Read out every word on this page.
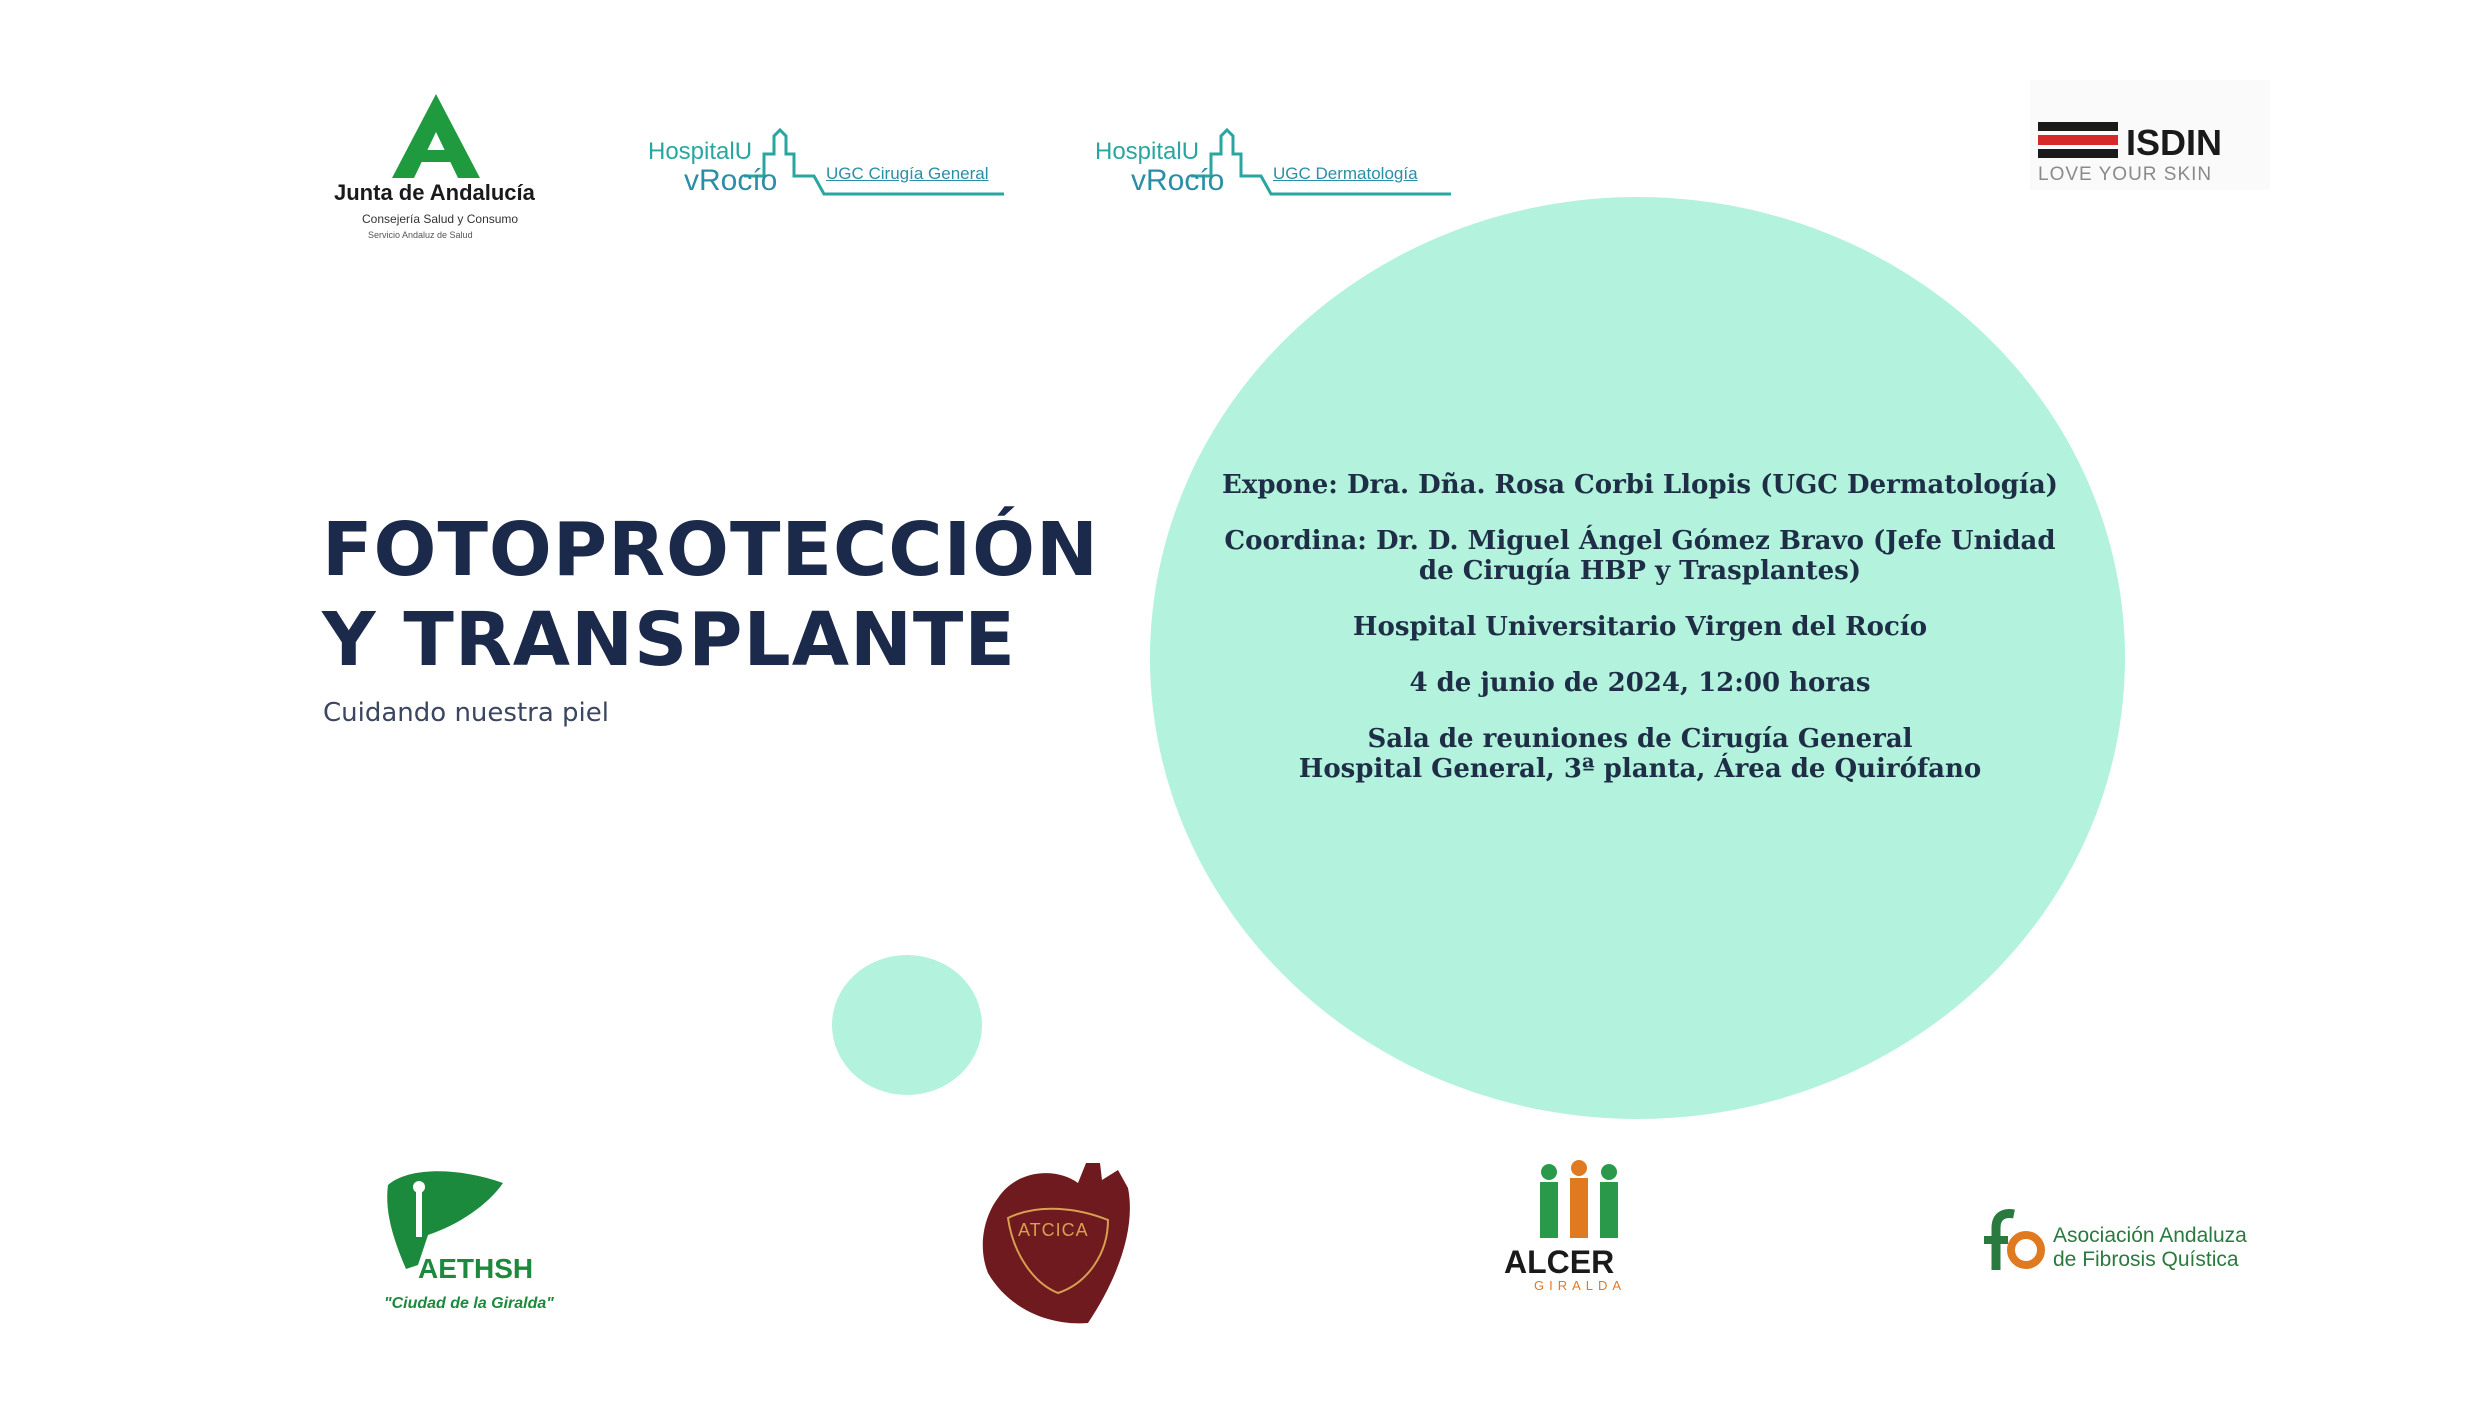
Junta de Andalucía
Consejería Salud y Consumo
Servicio Andaluz de Salud
HospitalU
vRocío	UGC Cirugía General
HospitalU
vRocío	UGC Dermatología
ISDIN
LOVE YOUR SKIN
FOTOPROTECCIÓN
Y TRANSPLANTE
Cuidando nuestra piel

Expone: Dra. Dña. Rosa Corbi Llopis (UGC Dermatología)

Coordina: Dr. D. Miguel Ángel Gómez Bravo (Jefe Unidad

de Cirugía HBP y Trasplantes)

Hospital Universitario Virgen del Rocío

4 de junio de 2024, 12:00 horas

Sala de reuniones de Cirugía General

Hospital General, 3ª planta, Área de Quirófano

AETHSH
"Ciudad de la Giralda"
ATCICA
ALCER
GIRALDA
Asociación Andaluza
de Fibrosis Quística
